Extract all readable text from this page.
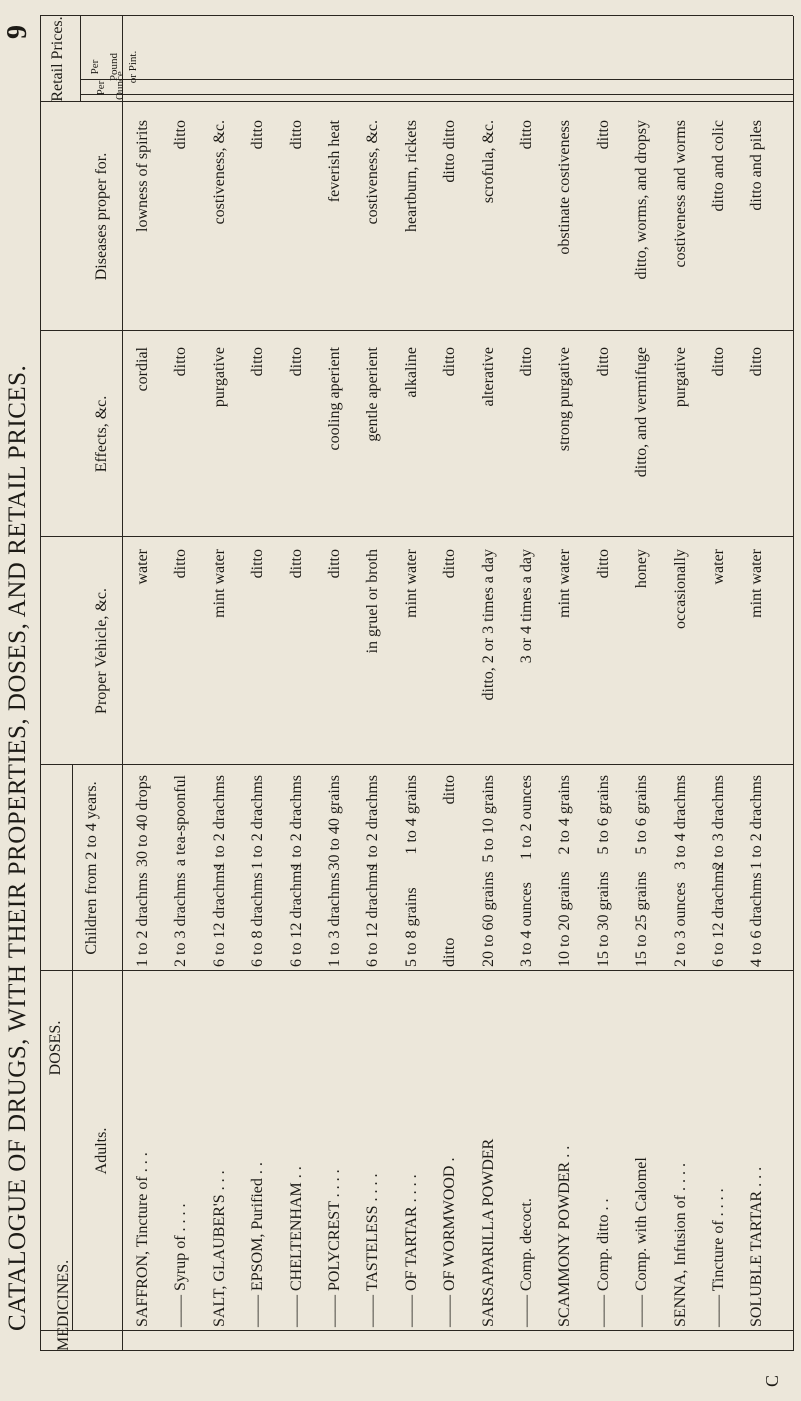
CATALOGUE OF DRUGS, WITH THEIR PROPERTIES, DOSES, AND RETAIL PRICES.
9
C
MEDICINES.
DOSES.
Adults.
Children from 2 to 4 years.
Proper Vehicle, &c.
Effects, &c.
Diseases proper for.
Retail Prices.	Per Ounce
Per Pound or Pint.
SAFFRON, Tincture of . . .
1 to 2 drachms
30 to 40 drops
water
cordial
lowness of spirits
—— Syrup of . . . .
2 to 3 drachms
a tea-spoonful
ditto
ditto
ditto
SALT, GLAUBER'S . . .
6 to 12 drachms
1 to 2 drachms
mint water
purgative
costiveness, &c.
—— EPSOM, Purified . .
6 to 8 drachms
1 to 2 drachms
ditto
ditto
ditto
—— CHELTENHAM . .
6 to 12 drachms
1 to 2 drachms
ditto
ditto
ditto
—— POLYCREST . . . .
1 to 3 drachms
30 to 40 grains
ditto
cooling aperient
feverish heat
—— TASTELESS . . . .
6 to 12 drachms
1 to 2 drachms
in gruel or broth
gentle aperient
costiveness, &c.
—— OF TARTAR . . . .
5 to 8 grains
1 to 4 grains
mint water
alkaline
heartburn, rickets
—— OF WORMWOOD .
ditto
ditto
ditto
ditto
ditto ditto
SARSAPARILLA POWDER
20 to 60 grains
5 to 10 grains
ditto, 2 or 3 times a day
alterative
scrofula, &c.
—— Comp. decoct.
3 to 4 ounces
1 to 2 ounces
3 or 4 times a day
ditto
ditto
SCAMMONY POWDER . .
10 to 20 grains
2 to 4 grains
mint water
strong purgative
obstinate costiveness
—— Comp. ditto . .
15 to 30 grains
5 to 6 grains
ditto
ditto
ditto
—— Comp. with Calomel
15 to 25 grains
5 to 6 grains
honey
ditto, and vermifuge
ditto, worms, and dropsy
SENNA, Infusion of . . . .
2 to 3 ounces
3 to 4 drachms
occasionally
purgative
costiveness and worms
—— Tincture of . . . .
6 to 12 drachms
2 to 3 drachms
water
ditto
ditto and colic
SOLUBLE TARTAR . . .
4 to 6 drachms
1 to 2 drachms
mint water
ditto
ditto and piles
